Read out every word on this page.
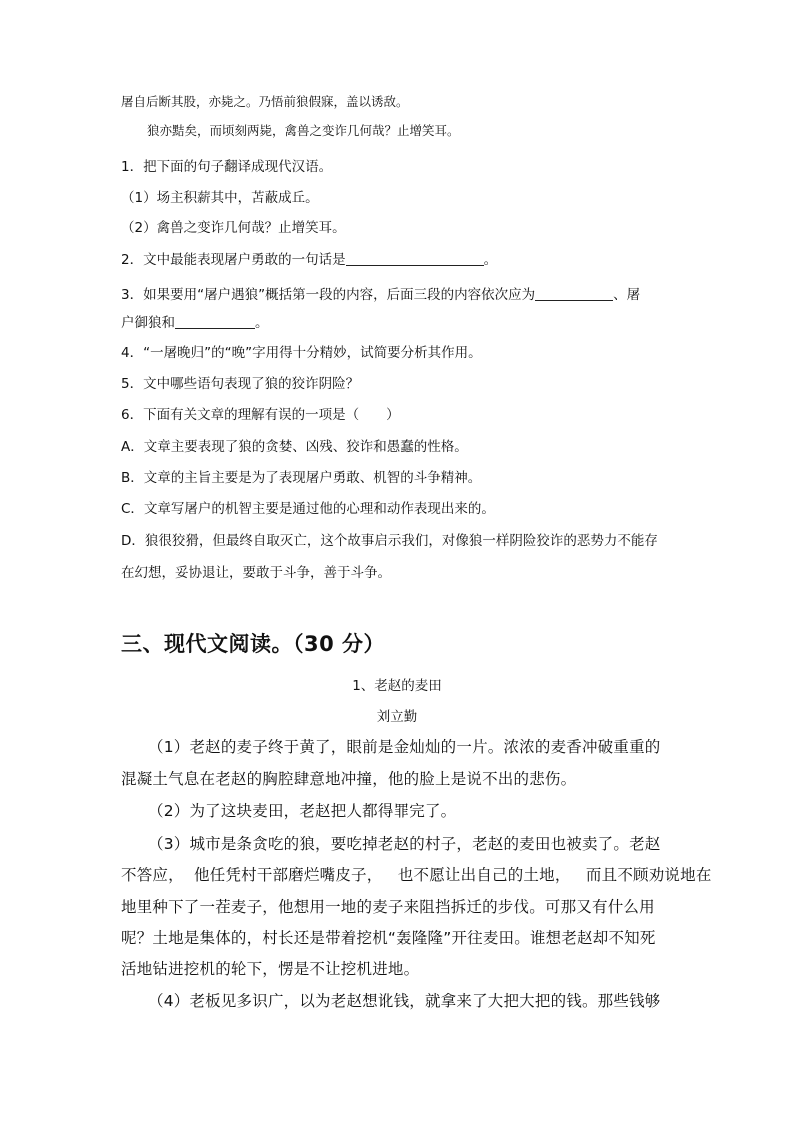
屠自后断其股，亦毙之。乃悟前狼假寐，盖以诱敌。
狼亦黠矣，而顷刻两毙，禽兽之变诈几何哉？止增笑耳。
1．把下面的句子翻译成现代汉语。
（1）场主积薪其中，苫蔽成丘。
（2）禽兽之变诈几何哉？止增笑耳。
2．文中最能表现屠户勇敢的一句话是	。
3．如果要用“屠户遇狼”概括第一段的内容，后面三段的内容依次应为	、屠
户御狼和	。
4．“一屠晚归”的“晚”字用得十分精妙，试简要分析其作用。
5．文中哪些语句表现了狼的狡诈阴险？
6．下面有关文章的理解有误的一项是（　　）
A．文章主要表现了狼的贪婪、凶残、狡诈和愚蠢的性格。
B．文章的主旨主要是为了表现屠户勇敢、机智的斗争精神。
C．文章写屠户的机智主要是通过他的心理和动作表现出来的。
D．狼很狡猾，但最终自取灭亡，这个故事启示我们，对像狼一样阴险狡诈的恶势力不能存
在幻想，妥协退让，要敢于斗争，善于斗争。
三、现代文阅读。（30 分）
1、老赵的麦田
刘立勤
（1）老赵的麦子终于黄了，眼前是金灿灿的一片。浓浓的麦香冲破重重的
混凝土气息在老赵的胸腔肆意地冲撞，他的脸上是说不出的悲伤。
（2）为了这块麦田，老赵把人都得罪完了。
（3）城市是条贪吃的狼，要吃掉老赵的村子，老赵的麦田也被卖了。老赵
不答应，  他任凭村干部磨烂嘴皮子，   也不愿让出自己的土地，   而且不顾劝说地在
地里种下了一茬麦子，他想用一地的麦子来阻挡拆迁的步伐。可那又有什么用
呢？土地是集体的，村长还是带着挖机“轰隆隆”开往麦田。谁想老赵却不知死
活地钻进挖机的轮下，愣是不让挖机进地。
（4）老板见多识广，以为老赵想讹钱，就拿来了大把大把的钱。那些钱够
